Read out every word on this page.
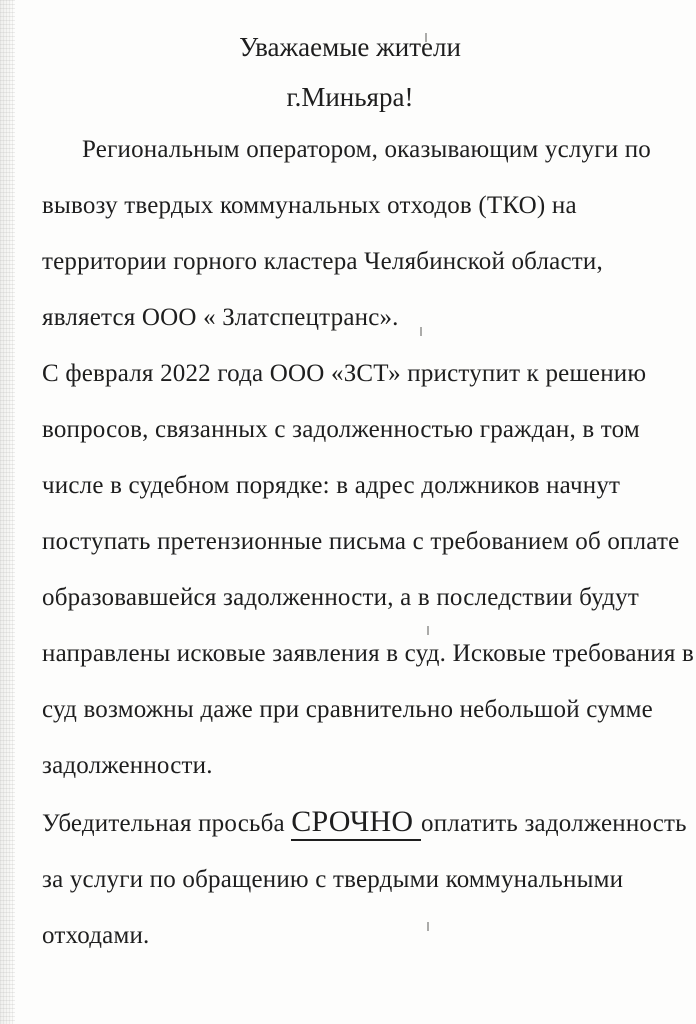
Уважаемые жители
г.Миньяра!
Региональным оператором, оказывающим услуги по
вывозу твердых коммунальных отходов (ТКО) на
территории горного кластера Челябинской области,
является ООО « Златспецтранс».
С февраля 2022 года ООО «ЗСТ» приступит к решению
вопросов, связанных с задолженностью граждан, в том
числе в судебном порядке: в адрес должников начнут
поступать претензионные письма с требованием об оплате
образовавшейся задолженности, а в последствии будут
направлены исковые заявления в суд. Исковые требования в
суд возможны даже при сравнительно небольшой сумме
задолженности.
Убедительная просьба СРОЧНО оплатить задолженность
за услуги по обращению с твердыми коммунальными
отходами.
